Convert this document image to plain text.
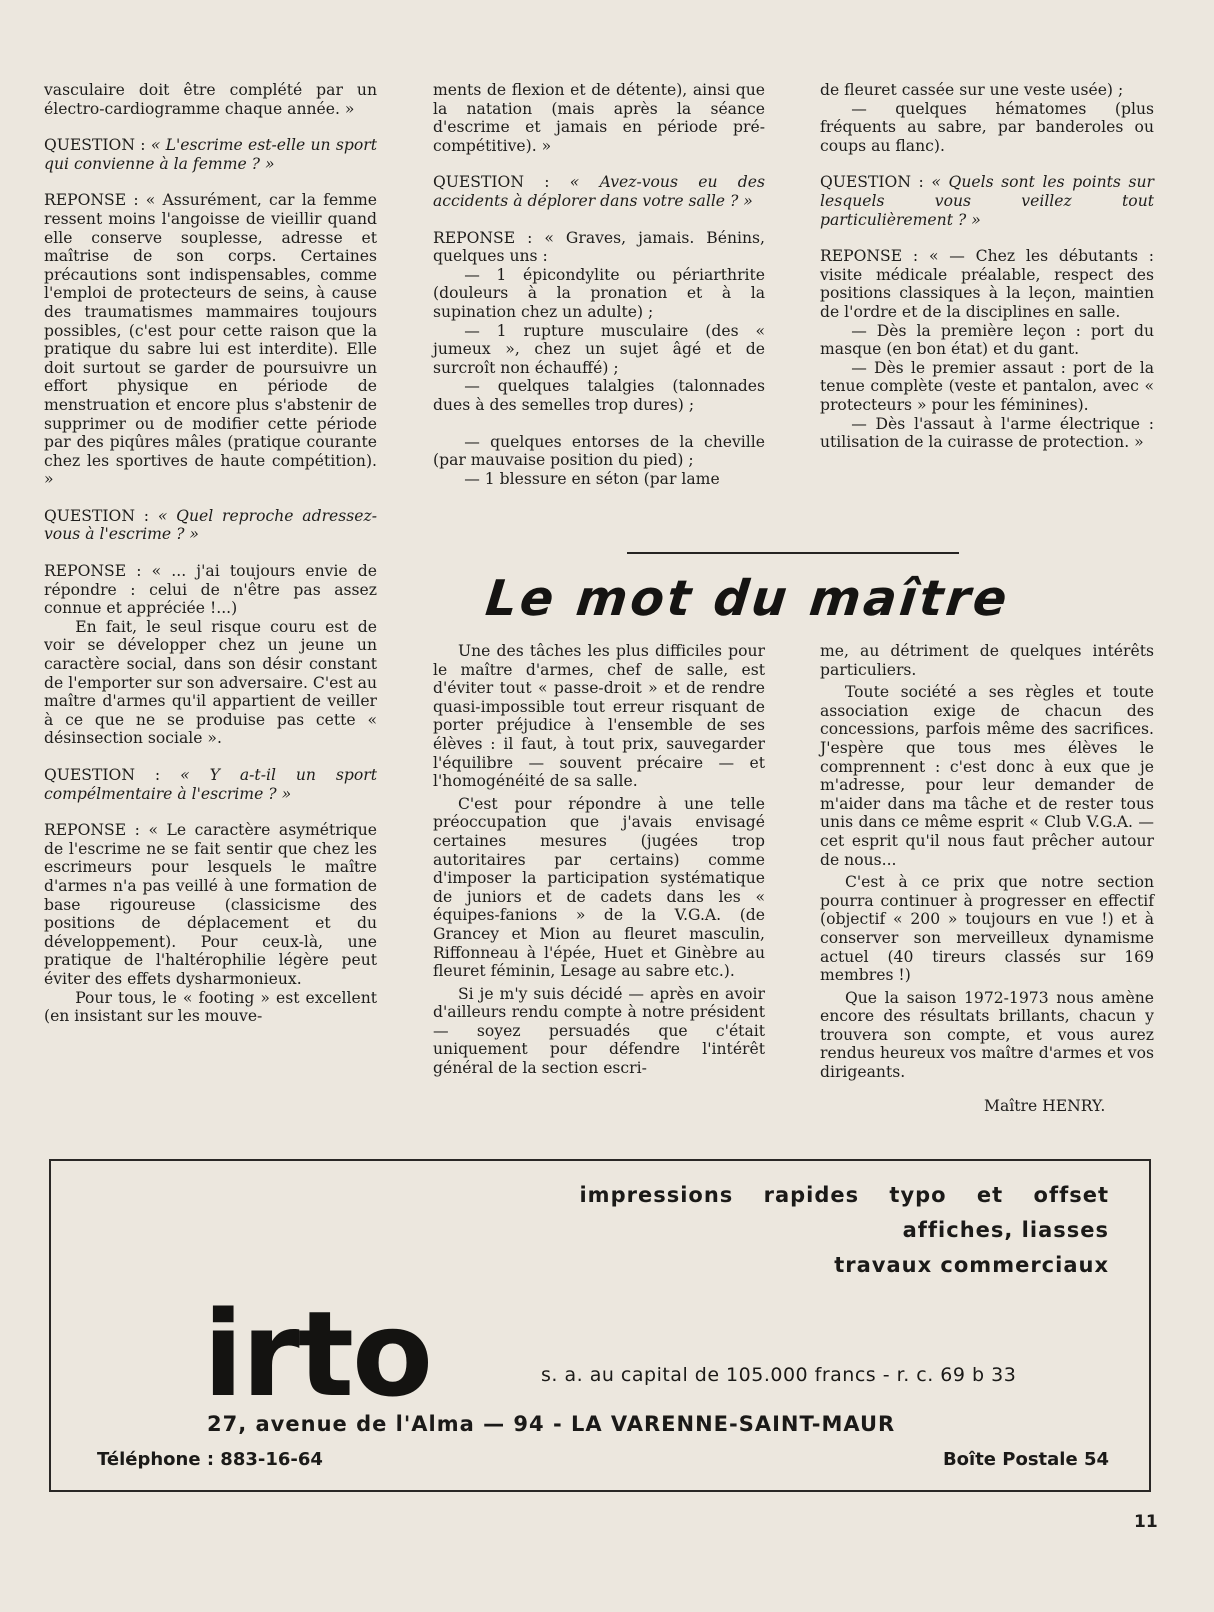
vasculaire doit être complété par un électro-cardiogramme chaque année. »

QUESTION : « L'escrime est-elle un sport qui convienne à la femme ? »

REPONSE : « Assurément, car la femme ressent moins l'angoisse de vieillir quand elle conserve souplesse, adresse et maîtrise de son corps. Certaines précautions sont indispensables, comme l'emploi de protecteurs de seins, à cause des traumatismes mammaires toujours possibles, (c'est pour cette raison que la pratique du sabre lui est interdite). Elle doit surtout se garder de poursuivre un effort physique en période de menstruation et encore plus s'abstenir de supprimer ou de modifier cette période par des piqûres mâles (pratique courante chez les sportives de haute compétition). »

QUESTION : « Quel reproche adressez-vous à l'escrime ? »

REPONSE : « ... j'ai toujours envie de répondre : celui de n'être pas assez connue et appréciée !...)

En fait, le seul risque couru est de voir se développer chez un jeune un caractère social, dans son désir constant de l'emporter sur son adversaire. C'est au maître d'armes qu'il appartient de veiller à ce que ne se produise pas cette « désinsection sociale ».

QUESTION : « Y a-t-il un sport compélmentaire à l'escrime ? »

REPONSE : « Le caractère asymétrique de l'escrime ne se fait sentir que chez les escrimeurs pour lesquels le maître d'armes n'a pas veillé à une formation de base rigoureuse (classicisme des positions de déplacement et du développement). Pour ceux-là, une pratique de l'haltérophilie légère peut éviter des effets dysharmonieux.

Pour tous, le « footing » est excellent (en insistant sur les mouve-

ments de flexion et de détente), ainsi que la natation (mais après la séance d'escrime et jamais en période pré-compétitive). »

QUESTION : « Avez-vous eu des accidents à déplorer dans votre salle ? »

REPONSE : « Graves, jamais. Bénins, quelques uns :

— 1 épicondylite ou périarthrite (douleurs à la pronation et à la supination chez un adulte) ;

— 1 rupture musculaire (des « jumeux », chez un sujet âgé et de surcroît non échauffé) ;

— quelques talalgies (talonnades dues à des semelles trop dures) ;

— quelques entorses de la cheville (par mauvaise position du pied) ;

— 1 blessure en séton (par lame

de fleuret cassée sur une veste usée) ;

— quelques hématomes (plus fréquents au sabre, par banderoles ou coups au flanc).

QUESTION : « Quels sont les points sur lesquels vous veillez tout particulièrement ? »

REPONSE : « — Chez les débutants : visite médicale préalable, respect des positions classiques à la leçon, maintien de l'ordre et de la disciplines en salle.

— Dès la première leçon : port du masque (en bon état) et du gant.

— Dès le premier assaut : port de la tenue complète (veste et pantalon, avec « protecteurs » pour les féminines).

— Dès l'assaut à l'arme électrique : utilisation de la cuirasse de protection. »

Le mot du maître

Une des tâches les plus difficiles pour le maître d'armes, chef de salle, est d'éviter tout « passe-droit » et de rendre quasi-impossible tout erreur risquant de porter préjudice à l'ensemble de ses élèves : il faut, à tout prix, sauvegarder l'équilibre — souvent précaire — et l'homogénéité de sa salle.

C'est pour répondre à une telle préoccupation que j'avais envisagé certaines mesures (jugées trop autoritaires par certains) comme d'imposer la participation systématique de juniors et de cadets dans les « équipes-fanions » de la V.G.A. (de Grancey et Mion au fleuret masculin, Riffonneau à l'épée, Huet et Ginèbre au fleuret féminin, Lesage au sabre etc.).

Si je m'y suis décidé — après en avoir d'ailleurs rendu compte à notre président — soyez persuadés que c'était uniquement pour défendre l'intérêt général de la section escri-

me, au détriment de quelques intérêts particuliers.

Toute société a ses règles et toute association exige de chacun des concessions, parfois même des sacrifices. J'espère que tous mes élèves le comprennent : c'est donc à eux que je m'adresse, pour leur demander de m'aider dans ma tâche et de rester tous unis dans ce même esprit « Club V.G.A. — cet esprit qu'il nous faut prêcher autour de nous...

C'est à ce prix que notre section pourra continuer à progresser en effectif (objectif « 200 » toujours en vue !) et à conserver son merveilleux dynamisme actuel (40 tireurs classés sur 169 membres !)

Que la saison 1972-1973 nous amène encore des résultats brillants, chacun y trouvera son compte, et vous aurez rendus heureux vos maître d'armes et vos dirigeants.

Maître HENRY.
impressions rapides typo et offset
affiches, liasses
travaux commerciaux
irto	s. a. au capital de 105.000 francs - r. c. 69 b 33
27, avenue de l'Alma — 94 - LA VARENNE-SAINT-MAUR
Téléphone : 883-16-64	Boîte Postale 54
11
